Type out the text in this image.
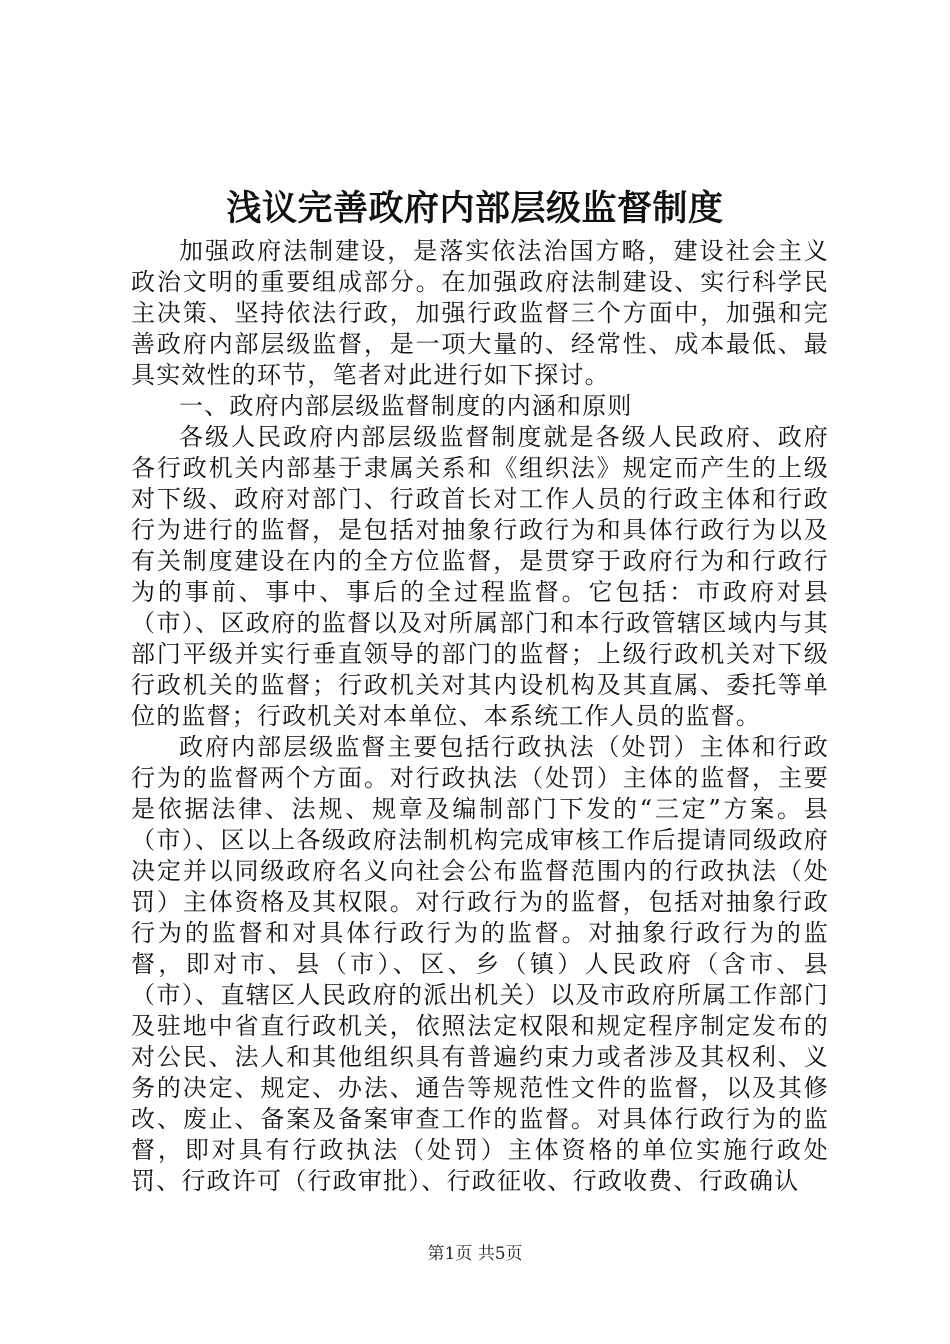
浅议完善政府内部层级监督制度

加强政府法制建设，是落实依法治国方略，建设社会主义政治文明的重要组成部分。在加强政府法制建设、实行科学民主决策、坚持依法行政，加强行政监督三个方面中，加强和完善政府内部层级监督，是一项大量的、经常性、成本最低、最具实效性的环节，笔者对此进行如下探讨。

一、政府内部层级监督制度的内涵和原则

各级人民政府内部层级监督制度就是各级人民政府、政府各行政机关内部基于隶属关系和《组织法》规定而产生的上级对下级、政府对部门、行政首长对工作人员的行政主体和行政行为进行的监督，是包括对抽象行政行为和具体行政行为以及有关制度建设在内的全方位监督，是贯穿于政府行为和行政行为的事前、事中、事后的全过程监督。它包括：市政府对县（市）、区政府的监督以及对所属部门和本行政管辖区域内与其部门平级并实行垂直领导的部门的监督；上级行政机关对下级行政机关的监督；行政机关对其内设机构及其直属、委托等单位的监督；行政机关对本单位、本系统工作人员的监督。

政府内部层级监督主要包括行政执法（处罚）主体和行政行为的监督两个方面。对行政执法（处罚）主体的监督，主要是依据法律、法规、规章及编制部门下发的“三定”方案。县（市）、区以上各级政府法制机构完成审核工作后提请同级政府决定并以同级政府名义向社会公布监督范围内的行政执法（处罚）主体资格及其权限。对行政行为的监督，包括对抽象行政行为的监督和对具体行政行为的监督。对抽象行政行为的监督，即对市、县（市）、区、乡（镇）人民政府（含市、县（市）、直辖区人民政府的派出机关）以及市政府所属工作部门及驻地中省直行政机关，依照法定权限和规定程序制定发布的对公民、法人和其他组织具有普遍约束力或者涉及其权利、义务的决定、规定、办法、通告等规范性文件的监督，以及其修改、废止、备案及备案审查工作的监督。对具体行政行为的监督，即对具有行政执法（处罚）主体资格的单位实施行政处罚、行政许可（行政审批）、行政征收、行政收费、行政确认

第1页 共5页
